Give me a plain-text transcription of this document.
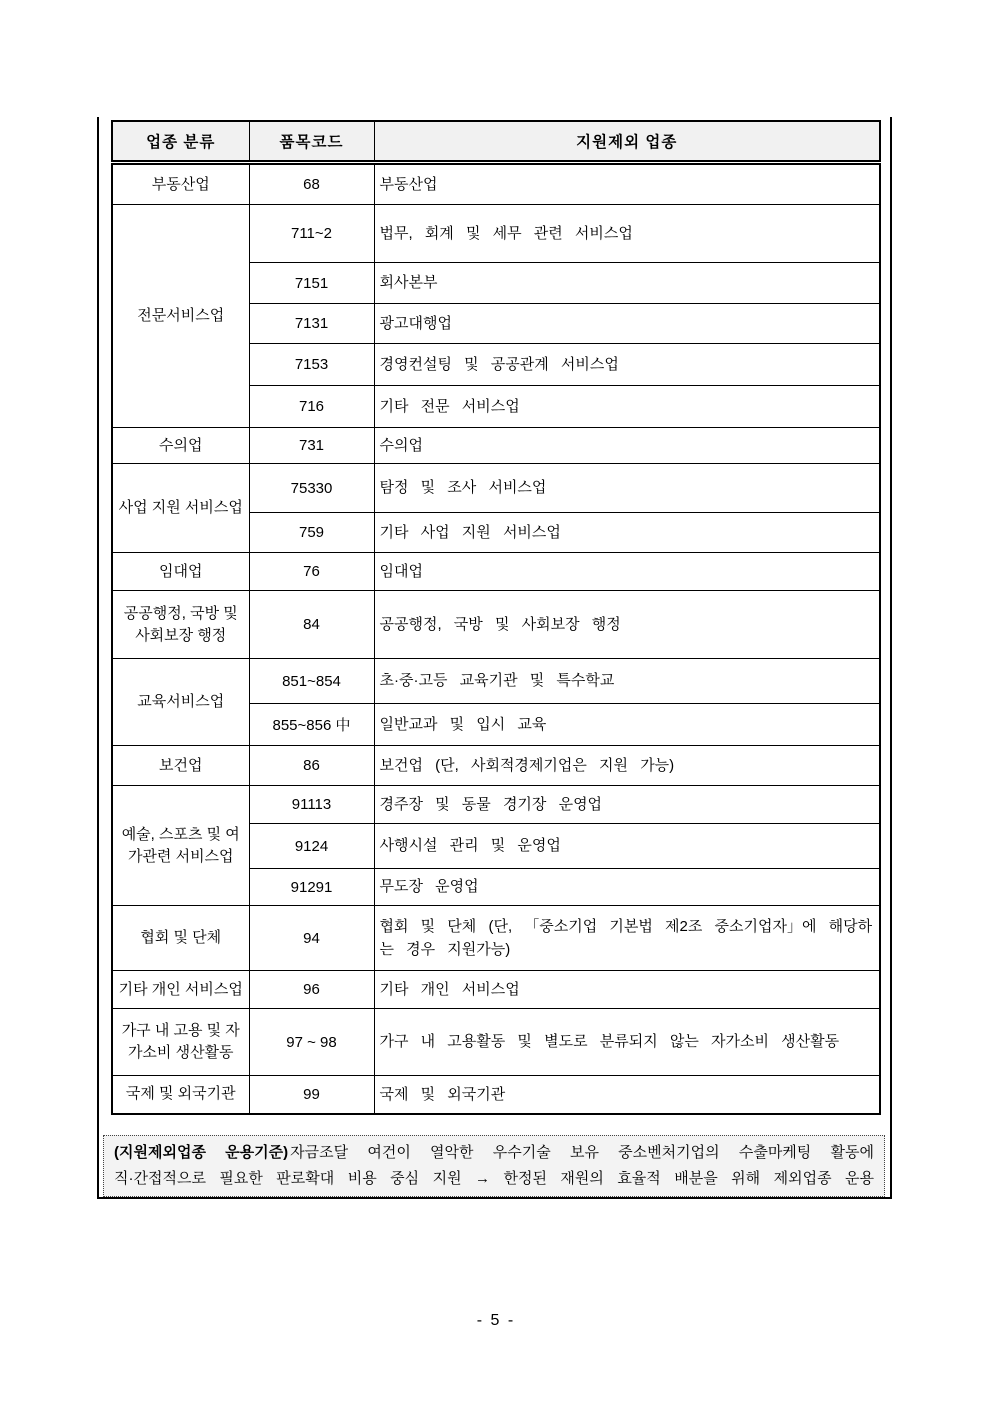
업종 분류	품목코드	지원제외 업종
부동산업	68	부동산업
전문서비스업	711~2	법무, 회계 및 세무 관련 서비스업
	7151	회사본부
	7131	광고대행업
	7153	경영컨설팅 및 공공관계 서비스업
	716	기타 전문 서비스업
수의업	731	수의업
사업 지원 서비스업	75330	탐정 및 조사 서비스업
	759	기타 사업 지원 서비스업
임대업	76	임대업
공공행정, 국방 및 사회보장 행정	84	공공행정, 국방 및 사회보장 행정
교육서비스업	851~854	초·중·고등 교육기관 및 특수학교
	855~856 中	일반교과 및 입시 교육
보건업	86	보건업 (단, 사회적경제기업은 지원 가능)
예술, 스포츠 및 여가관련 서비스업	91113	경주장 및 동물 경기장 운영업
	9124	사행시설 관리 및 운영업
	91291	무도장 운영업
협회 및 단체	94	협회 및 단체 (단, 「중소기업 기본법 제2조 중소기업자」에 해당하는 경우 지원가능)
기타 개인 서비스업	96	기타 개인 서비스업
가구 내 고용 및 자가소비 생산활동	97 ~ 98	가구 내 고용활동 및 별도로 분류되지 않는 자가소비 생산활동
국제 및 외국기관	99	국제 및 외국기관

(지원제외업종 운용기준) 자금조달 여건이 열악한 우수기술 보유 중소벤처기업의 수출마케팅 활동에
직·간접적으로 필요한 판로확대 비용 중심 지원 → 한정된 재원의 효율적 배분을 위해 제외업종 운용

- 5 -
